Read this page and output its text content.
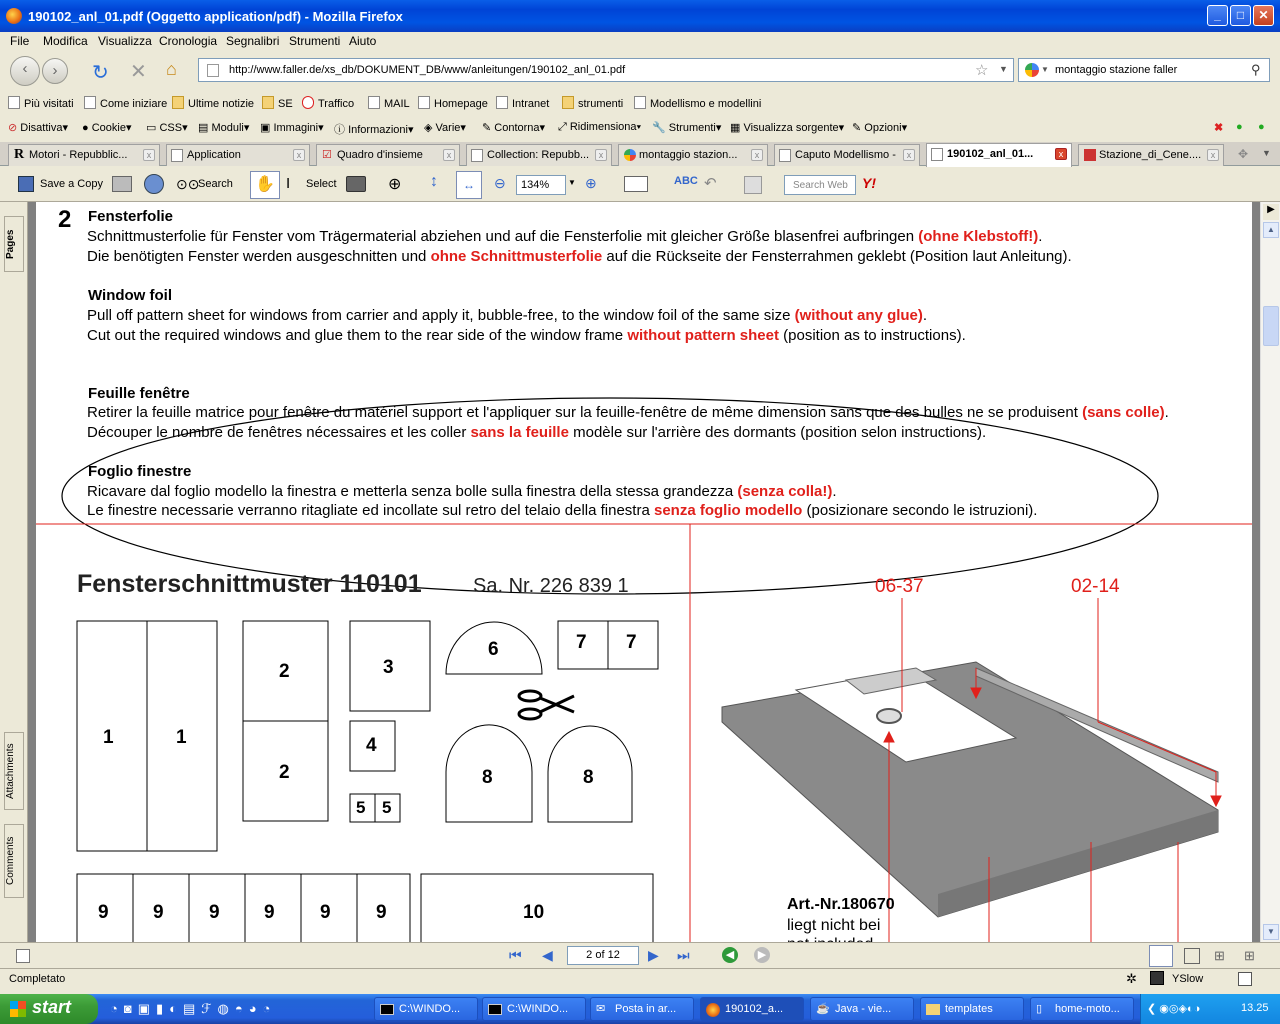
190102_anl_01.pdf (Oggetto application/pdf) - Mozilla Firefox	_	□	✕
File Modifica Visualizza Cronologia Segnalibri Strumenti Aiuto
‹	›	↻ ✕ ⌂	http://www.faller.de/xs_db/DOKUMENT_DB/www/anleitungen/190102_anl_01.pdf	☆ ▼	▼ montaggio stazione faller	⚲
Più visitati	Come iniziare	Ultime notizie	SE	Traffico	MAIL	Homepage	Intranet	strumenti	Modellismo e modellini
⊘ Disattiva▾ ● Cookie▾ ▭ CSS▾ ▤ Moduli▾ ▣ Immagini▾ ⓘ Informazioni▾ ◈ Varie▾ ✎ Contorna▾ ⤢ Ridimensiona▾ 🔧 Strumenti▾ ▦ Visualizza sorgente▾ ✎ Opzioni▾	✖ ● ●
R Motori - Repubblic...	x	Application	x	☑ Quadro d'insieme	x	Collection: Repubb...	x	montaggio stazion...	x	Caputo Modellismo -	x	190102_anl_01...	x	Stazione_di_Cene....	x	✥ ▼
Save a Copy	⊙⊙
Search	✋ I Select	⊕ ↕	↔	⊖	▼ ⊕	ABC ↶	Y!
134%	Search Web
Pages
Attachments
Comments
2 Fensterfolie
Schnittmusterfolie für Fenster vom Trägermaterial abziehen und auf die Fensterfolie mit gleicher Größe blasenfrei aufbringen (ohne Klebstoff!).
Die benötigten Fenster werden ausgeschnitten und ohne Schnittmusterfolie auf die Rückseite der Fensterrahmen geklebt (Position laut Anleitung).
Window foil
Pull off pattern sheet for windows from carrier and apply it, bubble-free, to the window foil of the same size (without any glue).
Cut out the required windows and glue them to the rear side of the window frame without pattern sheet (position as to instructions).
Feuille fenêtre
Retirer la feuille matrice pour fenêtre du matériel support et l'appliquer sur la feuille-fenêtre de même dimension sans que des bulles ne se produisent (sans colle).
Découper le nombre de fenêtres nécessaires et les coller sans la feuille modèle sur l'arrière des dormants (position selon instructions).
Foglio finestre
Ricavare dal foglio modello la finestra e metterla senza bolle sulla finestra della stessa grandezza (senza colla!).
Le finestre necessarie verranno ritagliate ed incollate sul retro del telaio della finestra senza foglio modello (posizionare secondo le istruzioni).
Fensterschnittmuster 110101	Sa. Nr. 226 839 1
1	1
2
2
3
4
5 5
6	7 7
8	8
9 9 9 9 9 9	10
06-37	02-14
Art.-Nr.180670
liegt nicht bei
▶
▲
▼
⏮ ◀	▶ ⏭	◀	▶	⊞ ⊞
2 of 12
Completato	✲	YSlow
start	◔◙▣▮◐▤ℱ◍◓◕◔	C:\WINDO...	C:\WINDO...	✉ Posta in ar...	190102_a...	☕ Java - vie...	templates	▯ home-moto...	❮ ◉◎◈◐◑	13.25
